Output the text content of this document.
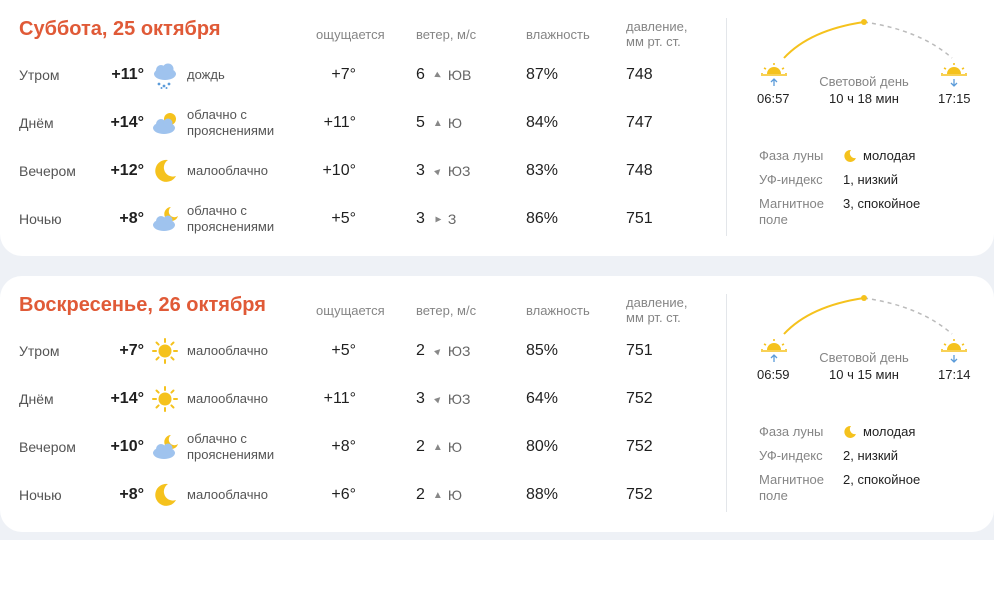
Суббота, 25 октября	ощущается ветер, м/с	влажность
давление,
мм рт. ст.
Утром	+11°	дождь	+7°	6 ▲ ЮВ	87%	748
Днём	+14°	облачно с прояснениями	+11°	5 ▲ Ю	84%	747
Вечером	+12°	малооблачно	+10°	3 ▲ ЮЗ	83%	748
Ночью	+8°	облачно с прояснениями	+5°	3 ▲ З	86%	751
06:57	17:15
Световой день
10 ч 18 мин
Фаза луны	молодая
УФ-индекс 1, низкий
Магнитное
поле
3, спокойное
Воскресенье, 26 октября	ощущается ветер, м/с	влажность
давление,
мм рт. ст.
Утром	+7°	малооблачно	+5°	2 ▲ ЮЗ	85%	751
Днём	+14°	малооблачно	+11°	3 ▲ ЮЗ	64%	752
Вечером	+10°	облачно с прояснениями	+8°	2 ▲ Ю	80%	752
Ночью	+8°	малооблачно	+6°	2 ▲ Ю	88%	752
06:59	17:14
Световой день
10 ч 15 мин
Фаза луны	молодая
УФ-индекс 2, низкий
Магнитное
поле
2, спокойное
